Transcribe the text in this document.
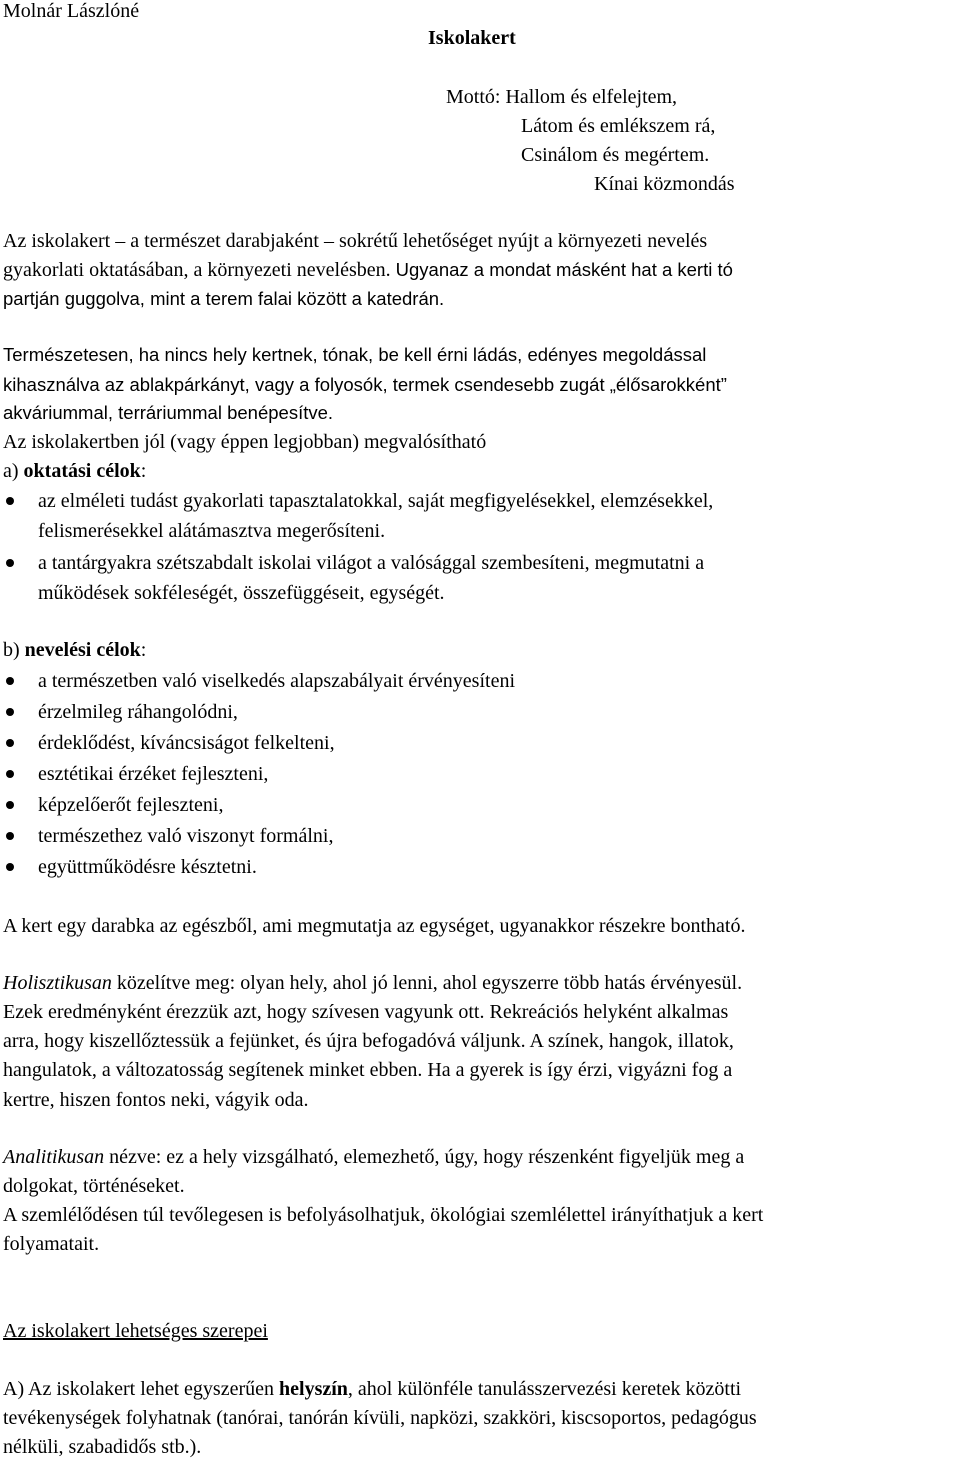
Molnár Lászlóné
Iskolakert
Mottó: Hallom és elfelejtem,
Látom és emlékszem rá,
Csinálom és megértem.
Kínai közmondás
Az iskolakert – a természet darabjaként – sokrétű lehetőséget nyújt a környezeti nevelés
gyakorlati oktatásában, a környezeti nevelésben. Ugyanaz a mondat másként hat a kerti tó
partján guggolva, mint a terem falai között a katedrán.
Természetesen, ha nincs hely kertnek, tónak, be kell érni ládás, edényes megoldással
kihasználva az ablakpárkányt, vagy a folyosók, termek csendesebb zugát „élősarokként”
akváriummal, terráriummal benépesítve.
Az iskolakertben jól (vagy éppen legjobban) megvalósítható
a) oktatási célok:
az elméleti tudást gyakorlati tapasztalatokkal, saját megfigyelésekkel, elemzésekkel,
felismerésekkel alátámasztva megerősíteni.
a tantárgyakra szétszabdalt iskolai világot a valósággal szembesíteni, megmutatni a
működések sokféleségét, összefüggéseit, egységét.
b) nevelési célok:
a természetben való viselkedés alapszabályait érvényesíteni
érzelmileg ráhangolódni,
érdeklődést, kíváncsiságot felkelteni,
esztétikai érzéket fejleszteni,
képzelőerőt fejleszteni,
természethez való viszonyt formálni,
együttműködésre késztetni.
A kert egy darabka az egészből, ami megmutatja az egységet, ugyanakkor részekre bontható.
Holisztikusan közelítve meg: olyan hely, ahol jó lenni, ahol egyszerre több hatás érvényesül.
Ezek eredményként érezzük azt, hogy szívesen vagyunk ott. Rekreációs helyként alkalmas
arra, hogy kiszellőztessük a fejünket, és újra befogadóvá váljunk. A színek, hangok, illatok,
hangulatok, a változatosság segítenek minket ebben. Ha a gyerek is így érzi, vigyázni fog a
kertre, hiszen fontos neki, vágyik oda.
Analitikusan nézve: ez a hely vizsgálható, elemezhető, úgy, hogy részenként figyeljük meg a
dolgokat, történéseket.
A szemlélődésen túl tevőlegesen is befolyásolhatjuk, ökológiai szemlélettel irányíthatjuk a kert
folyamatait.
Az iskolakert lehetséges szerepei
A) Az iskolakert lehet egyszerűen helyszín, ahol különféle tanulásszervezési keretek közötti
tevékenységek folyhatnak (tanórai, tanórán kívüli, napközi, szakköri, kiscsoportos, pedagógus
nélküli, szabadidős stb.).
